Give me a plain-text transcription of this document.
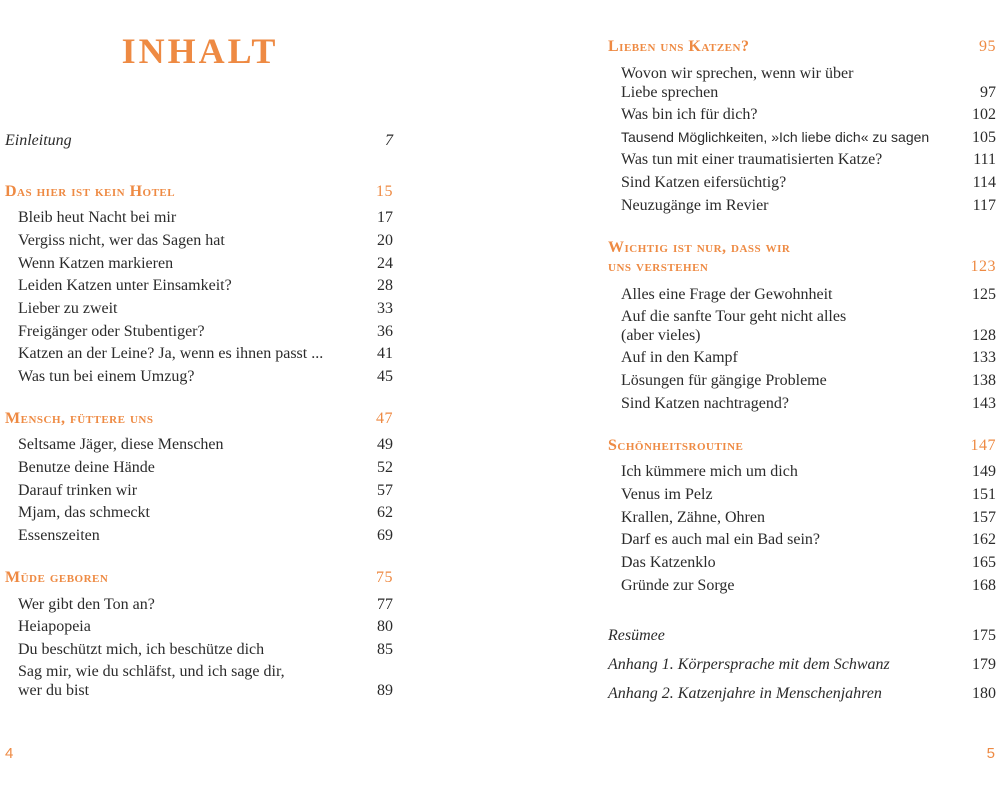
INHALT
Einleitung	7
Das hier ist kein Hotel	15
Bleib heut Nacht bei mir	17
Vergiss nicht, wer das Sagen hat	20
Wenn Katzen markieren	24
Leiden Katzen unter Einsamkeit?	28
Lieber zu zweit	33
Freigänger oder Stubentiger?	36
Katzen an der Leine? Ja, wenn es ihnen passt ...	41
Was tun bei einem Umzug?	45
Mensch, füttere uns	47
Seltsame Jäger, diese Menschen	49
Benutze deine Hände	52
Darauf trinken wir	57
Mjam, das schmeckt	62
Essenszeiten	69
Müde geboren	75
Wer gibt den Ton an?	77
Heiapopeia	80
Du beschützt mich, ich beschütze dich	85
Sag mir, wie du schläfst, und ich sage dir,
wer du bist	89
4
Lieben uns Katzen?	95
Wovon wir sprechen, wenn wir über
Liebe sprechen	97
Was bin ich für dich?	102
Tausend Möglichkeiten, »Ich liebe dich« zu sagen	105
Was tun mit einer traumatisierten Katze?	111
Sind Katzen eifersüchtig?	114
Neuzugänge im Revier	117
Wichtig ist nur, dass wir
uns verstehen	123
Alles eine Frage der Gewohnheit	125
Auf die sanfte Tour geht nicht alles
(aber vieles)	128
Auf in den Kampf	133
Lösungen für gängige Probleme	138
Sind Katzen nachtragend?	143
Schönheitsroutine	147
Ich kümmere mich um dich	149
Venus im Pelz	151
Krallen, Zähne, Ohren	157
Darf es auch mal ein Bad sein?	162
Das Katzenklo	165
Gründe zur Sorge	168
Resümee	175
Anhang 1. Körpersprache mit dem Schwanz	179
Anhang 2. Katzenjahre in Menschenjahren	180
5
